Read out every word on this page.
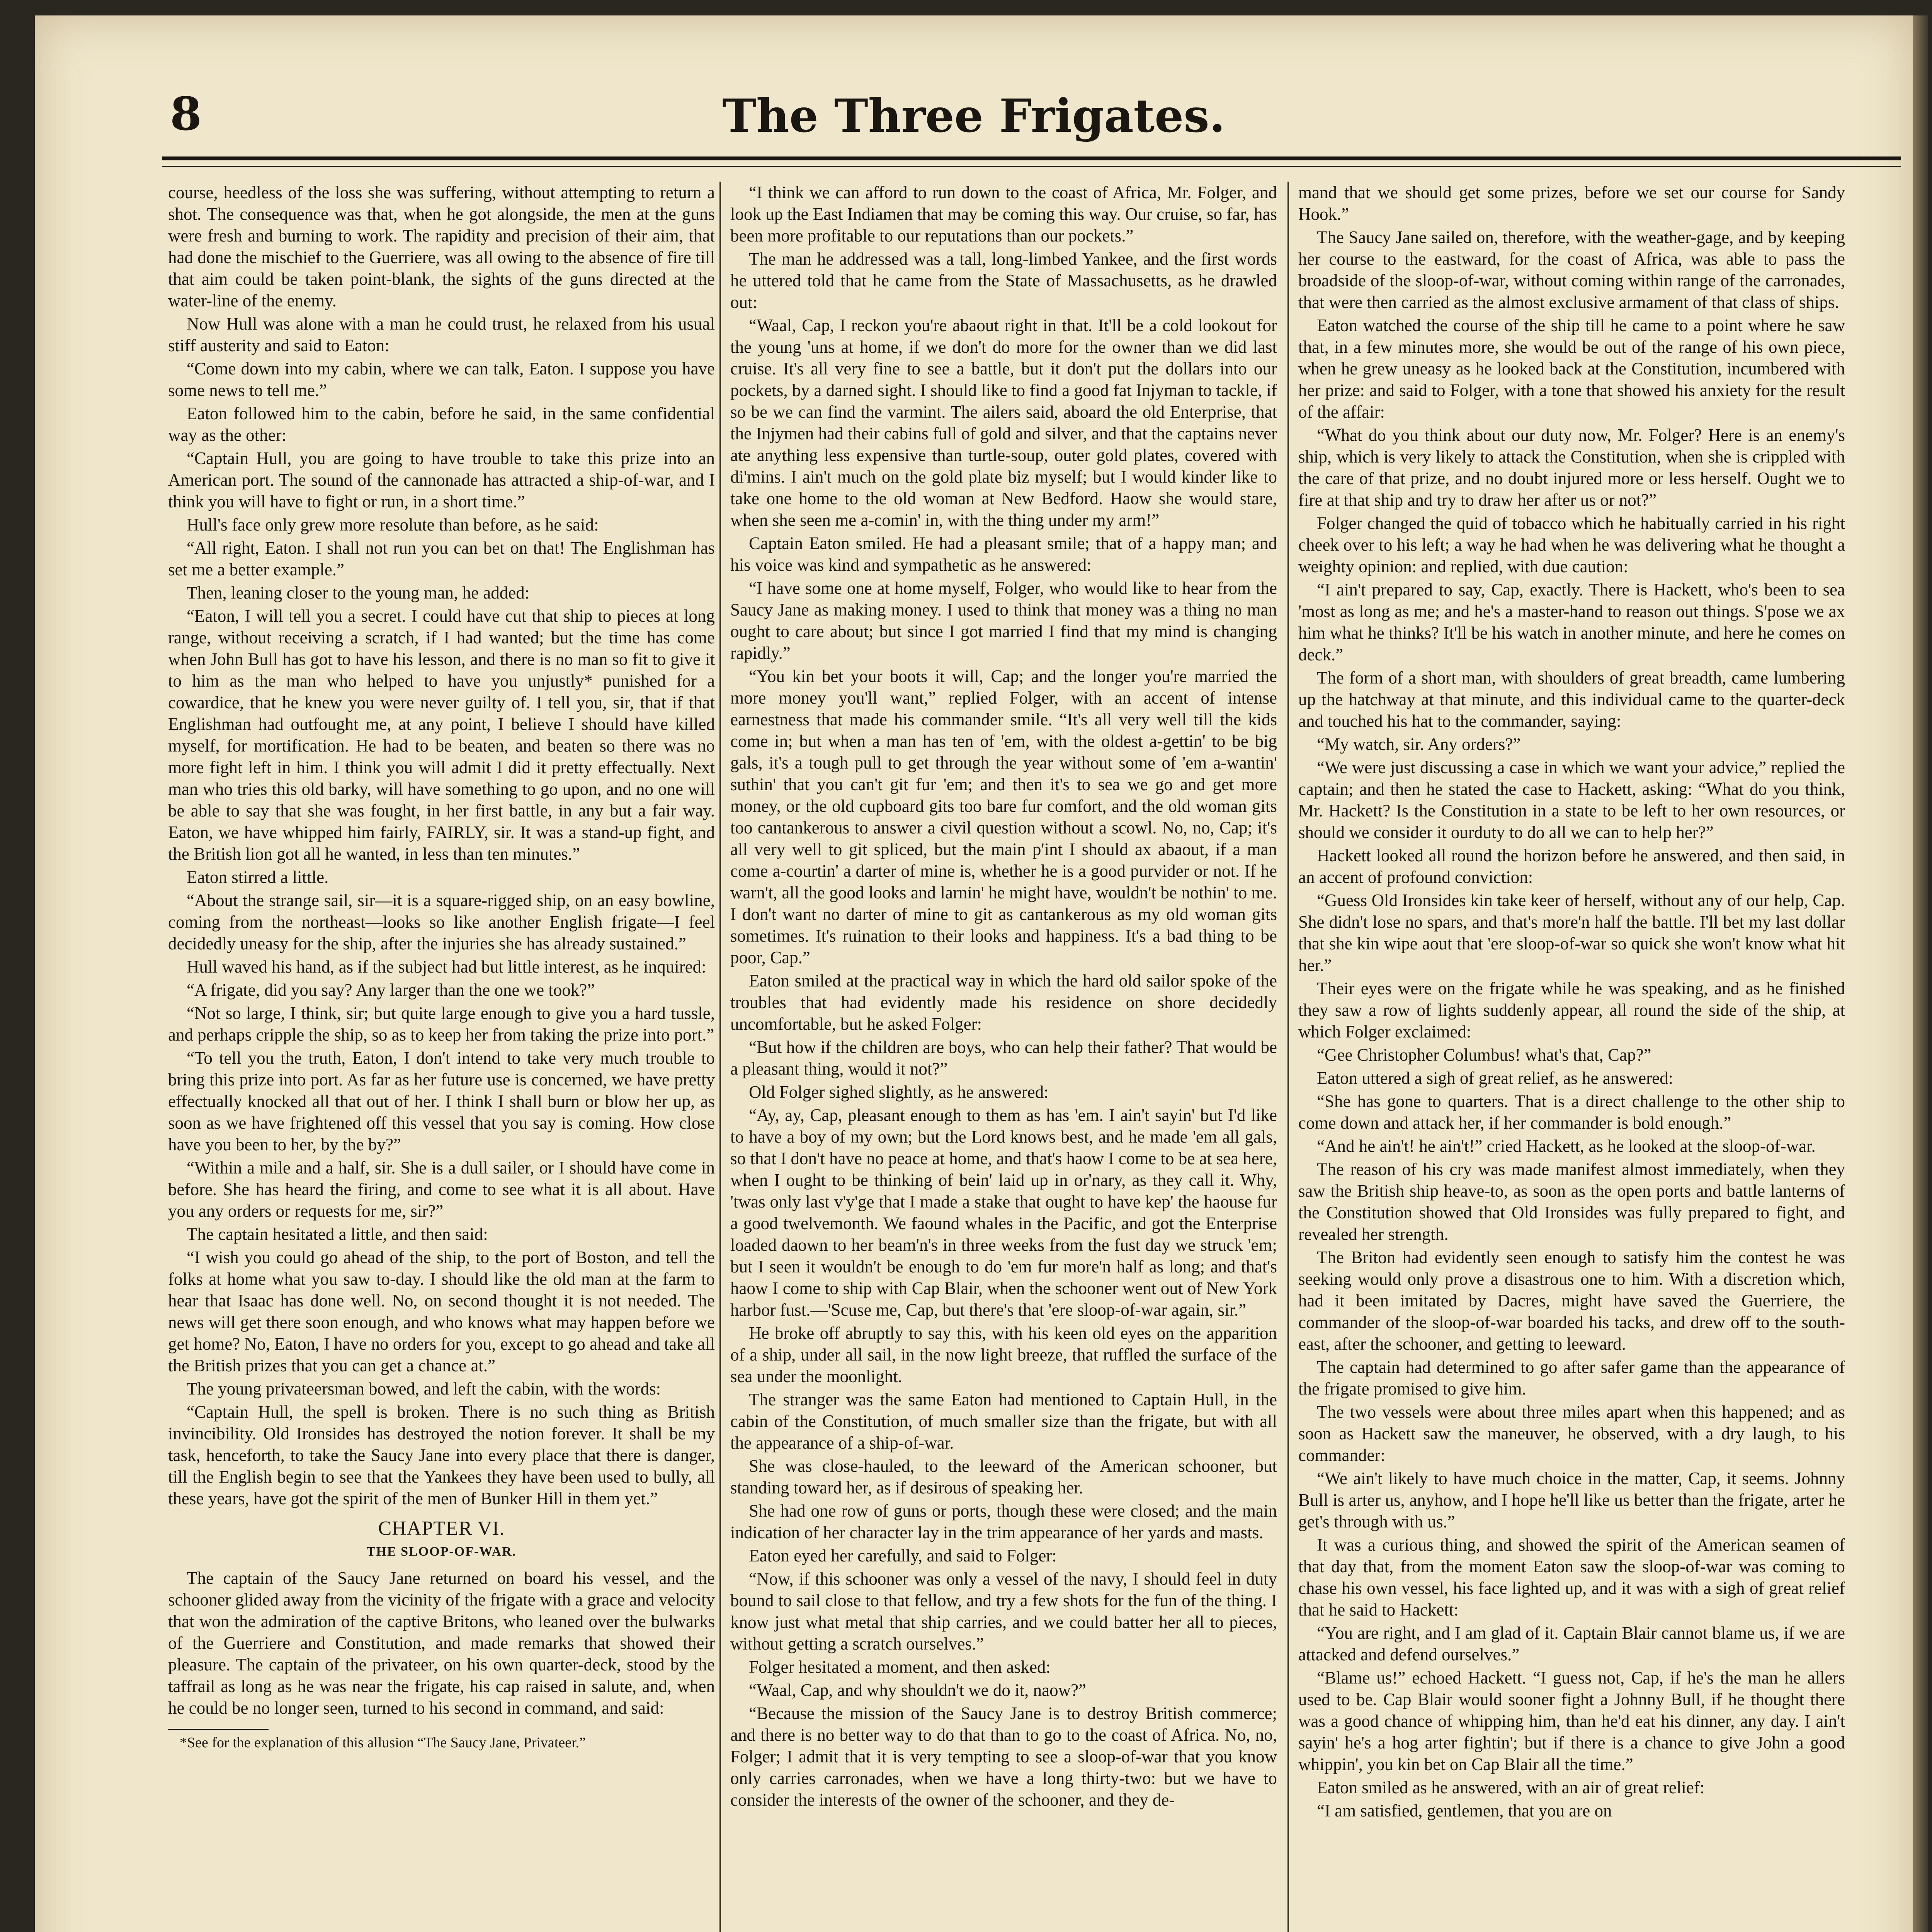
8	The Three Frigates.

course, heedless of the loss she was suffering, without attempting to return a shot. The consequence was that, when he got alongside, the men at the guns were fresh and burning to work. The rapidity and precision of their aim, that had done the mischief to the Guerriere, was all owing to the absence of fire till that aim could be taken point-blank, the sights of the guns directed at the water-line of the enemy.

Now Hull was alone with a man he could trust, he relaxed from his usual stiff austerity and said to Eaton:

“Come down into my cabin, where we can talk, Eaton. I suppose you have some news to tell me.”

Eaton followed him to the cabin, before he said, in the same confidential way as the other:

“Captain Hull, you are going to have trouble to take this prize into an American port. The sound of the cannonade has attracted a ship-of-war, and I think you will have to fight or run, in a short time.”

Hull's face only grew more resolute than before, as he said:

“All right, Eaton. I shall not run you can bet on that! The Englishman has set me a better example.”

Then, leaning closer to the young man, he added:

“Eaton, I will tell you a secret. I could have cut that ship to pieces at long range, without receiving a scratch, if I had wanted; but the time has come when John Bull has got to have his lesson, and there is no man so fit to give it to him as the man who helped to have you unjustly* punished for a cowardice, that he knew you were never guilty of. I tell you, sir, that if that Englishman had outfought me, at any point, I believe I should have killed myself, for mortification. He had to be beaten, and beaten so there was no more fight left in him. I think you will admit I did it pretty effectually. Next man who tries this old barky, will have something to go upon, and no one will be able to say that she was fought, in her first battle, in any but a fair way. Eaton, we have whipped him fairly, FAIRLY, sir. It was a stand-up fight, and the British lion got all he wanted, in less than ten minutes.”

Eaton stirred a little.

“About the strange sail, sir—it is a square-rigged ship, on an easy bowline, coming from the northeast—looks so like another English frigate—I feel decidedly uneasy for the ship, after the injuries she has already sustained.”

Hull waved his hand, as if the subject had but little interest, as he inquired:

“A frigate, did you say? Any larger than the one we took?”

“Not so large, I think, sir; but quite large enough to give you a hard tussle, and perhaps cripple the ship, so as to keep her from taking the prize into port.”

“To tell you the truth, Eaton, I don't intend to take very much trouble to bring this prize into port. As far as her future use is concerned, we have pretty effectually knocked all that out of her. I think I shall burn or blow her up, as soon as we have frightened off this vessel that you say is coming. How close have you been to her, by the by?”

“Within a mile and a half, sir. She is a dull sailer, or I should have come in before. She has heard the firing, and come to see what it is all about. Have you any orders or requests for me, sir?”

The captain hesitated a little, and then said:

“I wish you could go ahead of the ship, to the port of Boston, and tell the folks at home what you saw to-day. I should like the old man at the farm to hear that Isaac has done well. No, on second thought it is not needed. The news will get there soon enough, and who knows what may happen before we get home? No, Eaton, I have no orders for you, except to go ahead and take all the British prizes that you can get a chance at.”

The young privateersman bowed, and left the cabin, with the words:

“Captain Hull, the spell is broken. There is no such thing as British invincibility. Old Ironsides has destroyed the notion forever. It shall be my task, henceforth, to take the Saucy Jane into every place that there is danger, till the English begin to see that the Yankees they have been used to bully, all these years, have got the spirit of the men of Bunker Hill in them yet.”

CHAPTER VI.

THE SLOOP-OF-WAR.

The captain of the Saucy Jane returned on board his vessel, and the schooner glided away from the vicinity of the frigate with a grace and velocity that won the admiration of the captive Britons, who leaned over the bulwarks of the Guerriere and Constitution, and made remarks that showed their pleasure. The captain of the privateer, on his own quarter-deck, stood by the taffrail as long as he was near the frigate, his cap raised in salute, and, when he could be no longer seen, turned to his second in command, and said:

*See for the explanation of this allusion “The Saucy Jane, Privateer.”

“I think we can afford to run down to the coast of Africa, Mr. Folger, and look up the East Indiamen that may be coming this way. Our cruise, so far, has been more profitable to our reputations than our pockets.”

The man he addressed was a tall, long-limbed Yankee, and the first words he uttered told that he came from the State of Massachusetts, as he drawled out:

“Waal, Cap, I reckon you're abaout right in that. It'll be a cold lookout for the young 'uns at home, if we don't do more for the owner than we did last cruise. It's all very fine to see a battle, but it don't put the dollars into our pockets, by a darned sight. I should like to find a good fat Injyman to tackle, if so be we can find the varmint. The ailers said, aboard the old Enterprise, that the Injymen had their cabins full of gold and silver, and that the captains never ate anything less expensive than turtle-soup, outer gold plates, covered with di'mins. I ain't much on the gold plate biz myself; but I would kinder like to take one home to the old woman at New Bedford. Haow she would stare, when she seen me a-comin' in, with the thing under my arm!”

Captain Eaton smiled. He had a pleasant smile; that of a happy man; and his voice was kind and sympathetic as he answered:

“I have some one at home myself, Folger, who would like to hear from the Saucy Jane as making money. I used to think that money was a thing no man ought to care about; but since I got married I find that my mind is changing rapidly.”

“You kin bet your boots it will, Cap; and the longer you're married the more money you'll want,” replied Folger, with an accent of intense earnestness that made his commander smile. “It's all very well till the kids come in; but when a man has ten of 'em, with the oldest a-gettin' to be big gals, it's a tough pull to get through the year without some of 'em a-wantin' suthin' that you can't git fur 'em; and then it's to sea we go and get more money, or the old cupboard gits too bare fur comfort, and the old woman gits too cantankerous to answer a civil question without a scowl. No, no, Cap; it's all very well to git spliced, but the main p'int I should ax abaout, if a man come a-courtin' a darter of mine is, whether he is a good purvider or not. If he warn't, all the good looks and larnin' he might have, wouldn't be nothin' to me. I don't want no darter of mine to git as cantankerous as my old woman gits sometimes. It's ruination to their looks and happiness. It's a bad thing to be poor, Cap.”

Eaton smiled at the practical way in which the hard old sailor spoke of the troubles that had evidently made his residence on shore decidedly uncomfortable, but he asked Folger:

“But how if the children are boys, who can help their father? That would be a pleasant thing, would it not?”

Old Folger sighed slightly, as he answered:

“Ay, ay, Cap, pleasant enough to them as has 'em. I ain't sayin' but I'd like to have a boy of my own; but the Lord knows best, and he made 'em all gals, so that I don't have no peace at home, and that's haow I come to be at sea here, when I ought to be thinking of bein' laid up in or'nary, as they call it. Why, 'twas only last v'y'ge that I made a stake that ought to have kep' the haouse fur a good twelvemonth. We faound whales in the Pacific, and got the Enterprise loaded daown to her beam'n's in three weeks from the fust day we struck 'em; but I seen it wouldn't be enough to do 'em fur more'n half as long; and that's haow I come to ship with Cap Blair, when the schooner went out of New York harbor fust.—'Scuse me, Cap, but there's that 'ere sloop-of-war again, sir.”

He broke off abruptly to say this, with his keen old eyes on the apparition of a ship, under all sail, in the now light breeze, that ruffled the surface of the sea under the moonlight.

The stranger was the same Eaton had mentioned to Captain Hull, in the cabin of the Constitution, of much smaller size than the frigate, but with all the appearance of a ship-of-war.

She was close-hauled, to the leeward of the American schooner, but standing toward her, as if desirous of speaking her.

She had one row of guns or ports, though these were closed; and the main indication of her character lay in the trim appearance of her yards and masts.

Eaton eyed her carefully, and said to Folger:

“Now, if this schooner was only a vessel of the navy, I should feel in duty bound to sail close to that fellow, and try a few shots for the fun of the thing. I know just what metal that ship carries, and we could batter her all to pieces, without getting a scratch ourselves.”

Folger hesitated a moment, and then asked:

“Waal, Cap, and why shouldn't we do it, naow?”

“Because the mission of the Saucy Jane is to destroy British commerce; and there is no better way to do that than to go to the coast of Africa. No, no, Folger; I admit that it is very tempting to see a sloop-of-war that you know only carries carronades, when we have a long thirty-two: but we have to consider the interests of the owner of the schooner, and they de-

mand that we should get some prizes, before we set our course for Sandy Hook.”

The Saucy Jane sailed on, therefore, with the weather-gage, and by keeping her course to the eastward, for the coast of Africa, was able to pass the broadside of the sloop-of-war, without coming within range of the carronades, that were then carried as the almost exclusive armament of that class of ships.

Eaton watched the course of the ship till he came to a point where he saw that, in a few minutes more, she would be out of the range of his own piece, when he grew uneasy as he looked back at the Constitution, incumbered with her prize: and said to Folger, with a tone that showed his anxiety for the result of the affair:

“What do you think about our duty now, Mr. Folger? Here is an enemy's ship, which is very likely to attack the Constitution, when she is crippled with the care of that prize, and no doubt injured more or less herself. Ought we to fire at that ship and try to draw her after us or not?”

Folger changed the quid of tobacco which he habitually carried in his right cheek over to his left; a way he had when he was delivering what he thought a weighty opinion: and replied, with due caution:

“I ain't prepared to say, Cap, exactly. There is Hackett, who's been to sea 'most as long as me; and he's a master-hand to reason out things. S'pose we ax him what he thinks? It'll be his watch in another minute, and here he comes on deck.”

The form of a short man, with shoulders of great breadth, came lumbering up the hatchway at that minute, and this individual came to the quarter-deck and touched his hat to the commander, saying:

“My watch, sir. Any orders?”

“We were just discussing a case in which we want your advice,” replied the captain; and then he stated the case to Hackett, asking: “What do you think, Mr. Hackett? Is the Constitution in a state to be left to her own resources, or should we consider it ourduty to do all we can to help her?”

Hackett looked all round the horizon before he answered, and then said, in an accent of profound conviction:

“Guess Old Ironsides kin take keer of herself, without any of our help, Cap. She didn't lose no spars, and that's more'n half the battle. I'll bet my last dollar that she kin wipe aout that 'ere sloop-of-war so quick she won't know what hit her.”

Their eyes were on the frigate while he was speaking, and as he finished they saw a row of lights suddenly appear, all round the side of the ship, at which Folger exclaimed:

“Gee Christopher Columbus! what's that, Cap?”

Eaton uttered a sigh of great relief, as he answered:

“She has gone to quarters. That is a direct challenge to the other ship to come down and attack her, if her commander is bold enough.”

“And he ain't! he ain't!” cried Hackett, as he looked at the sloop-of-war.

The reason of his cry was made manifest almost immediately, when they saw the British ship heave-to, as soon as the open ports and battle lanterns of the Constitution showed that Old Ironsides was fully prepared to fight, and revealed her strength.

The Briton had evidently seen enough to satisfy him the contest he was seeking would only prove a disastrous one to him. With a discretion which, had it been imitated by Dacres, might have saved the Guerriere, the commander of the sloop-of-war boarded his tacks, and drew off to the south-east, after the schooner, and getting to leeward.

The captain had determined to go after safer game than the appearance of the frigate promised to give him.

The two vessels were about three miles apart when this happened; and as soon as Hackett saw the maneuver, he observed, with a dry laugh, to his commander:

“We ain't likely to have much choice in the matter, Cap, it seems. Johnny Bull is arter us, anyhow, and I hope he'll like us better than the frigate, arter he get's through with us.”

It was a curious thing, and showed the spirit of the American seamen of that day that, from the moment Eaton saw the sloop-of-war was coming to chase his own vessel, his face lighted up, and it was with a sigh of great relief that he said to Hackett:

“You are right, and I am glad of it. Captain Blair cannot blame us, if we are attacked and defend ourselves.”

“Blame us!” echoed Hackett. “I guess not, Cap, if he's the man he allers used to be. Cap Blair would sooner fight a Johnny Bull, if he thought there was a good chance of whipping him, than he'd eat his dinner, any day. I ain't sayin' he's a hog arter fightin'; but if there is a chance to give John a good whippin', you kin bet on Cap Blair all the time.”

Eaton smiled as he answered, with an air of great relief:

“I am satisfied, gentlemen, that you are on
